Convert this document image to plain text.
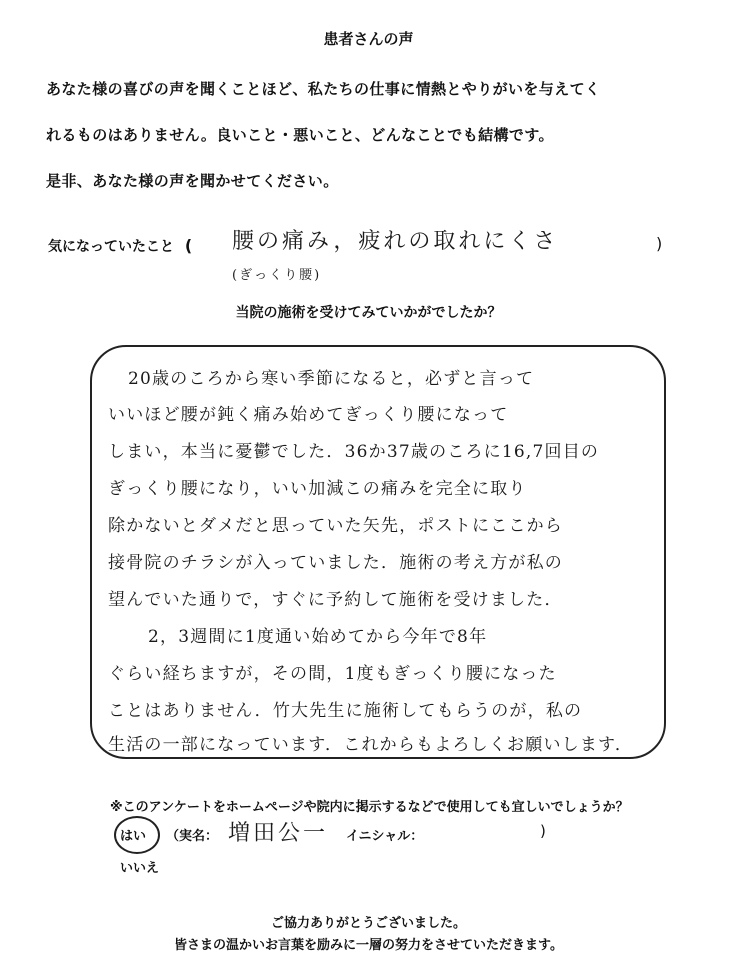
患者さんの声
あなた様の喜びの声を聞くことほど、私たちの仕事に情熱とやりがいを与えてく
れるものはありません。良いこと・悪いこと、どんなことでも結構です。
是非、あなた様の声を聞かせてください。
気になっていたこと ( 腰の痛み，疲れの取れにくさ
(ぎっくり腰)
)
当院の施術を受けてみていかがでしたか？
20歳のころから寒い季節になると，必ずと言って
いいほど腰が鈍く痛み始めてぎっくり腰になって
しまい，本当に憂鬱でした．36か37歳のころに16,7回目の
ぎっくり腰になり，いい加減この痛みを完全に取り
除かないとダメだと思っていた矢先，ポストにここから
接骨院のチラシが入っていました．施術の考え方が私の
望んでいた通りで，すぐに予約して施術を受けました．
2，3週間に1度通い始めてから今年で8年
ぐらい経ちますが，その間，1度もぎっくり腰になった
ことはありません．竹大先生に施術してもらうのが，私の
生活の一部になっています．これからもよろしくお願いします．
※このアンケートをホームページや院内に掲示するなどで使用しても宜しいでしょうか？
はい
いいえ
（実名： 増田公一 イニシャル：	)
ご協力ありがとうございました。
皆さまの温かいお言葉を励みに一層の努力をさせていただきます。
